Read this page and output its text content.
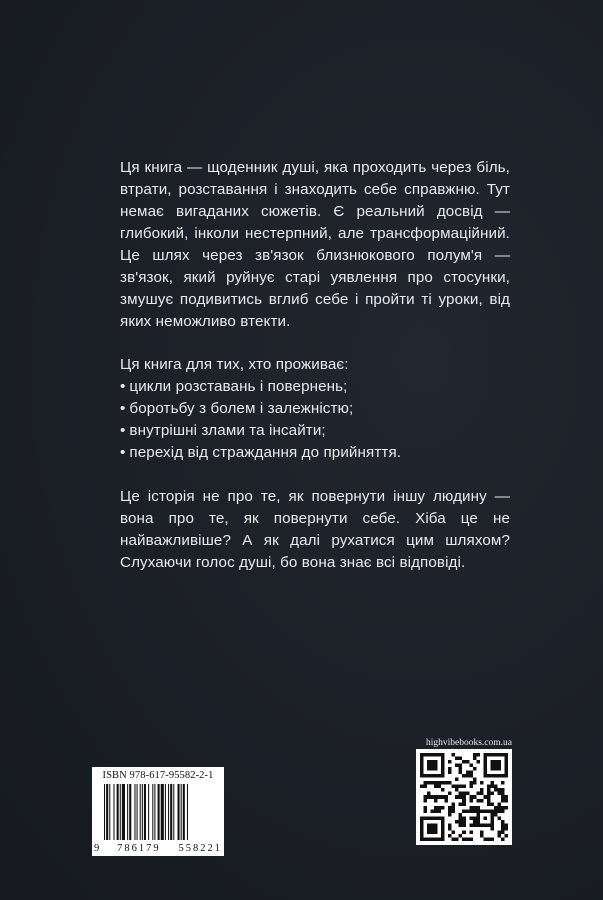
Ця книга — щоденник душі, яка проходить через біль, втрати, розставання і знаходить себе справжню. Тут немає вигаданих сюжетів. Є реальний досвід — глибокий, інколи нестерпний, але трансформаційний. Це шлях через зв'язок близнюкового полум'я — зв'язок, який руйнує старі уявлення про стосунки, змушує подивитись вглиб себе і пройти ті уроки, від яких неможливо втекти.

Ця книга для тих, хто проживає:

• цикли розставань і повернень;
• боротьбу з болем і залежністю;
• внутрішні злами та інсайти;
• перехід від страждання до прийняття.

Це історія не про те, як повернути іншу людину — вона про те, як повернути себе. Хіба це не найважливіше? А як далі рухатися цим шляхом? Слухаючи голос душі, бо вона знає всі відповіді.

ISBN 978-617-95582-2-1
9 786179 558221
highvibebooks.com.ua
